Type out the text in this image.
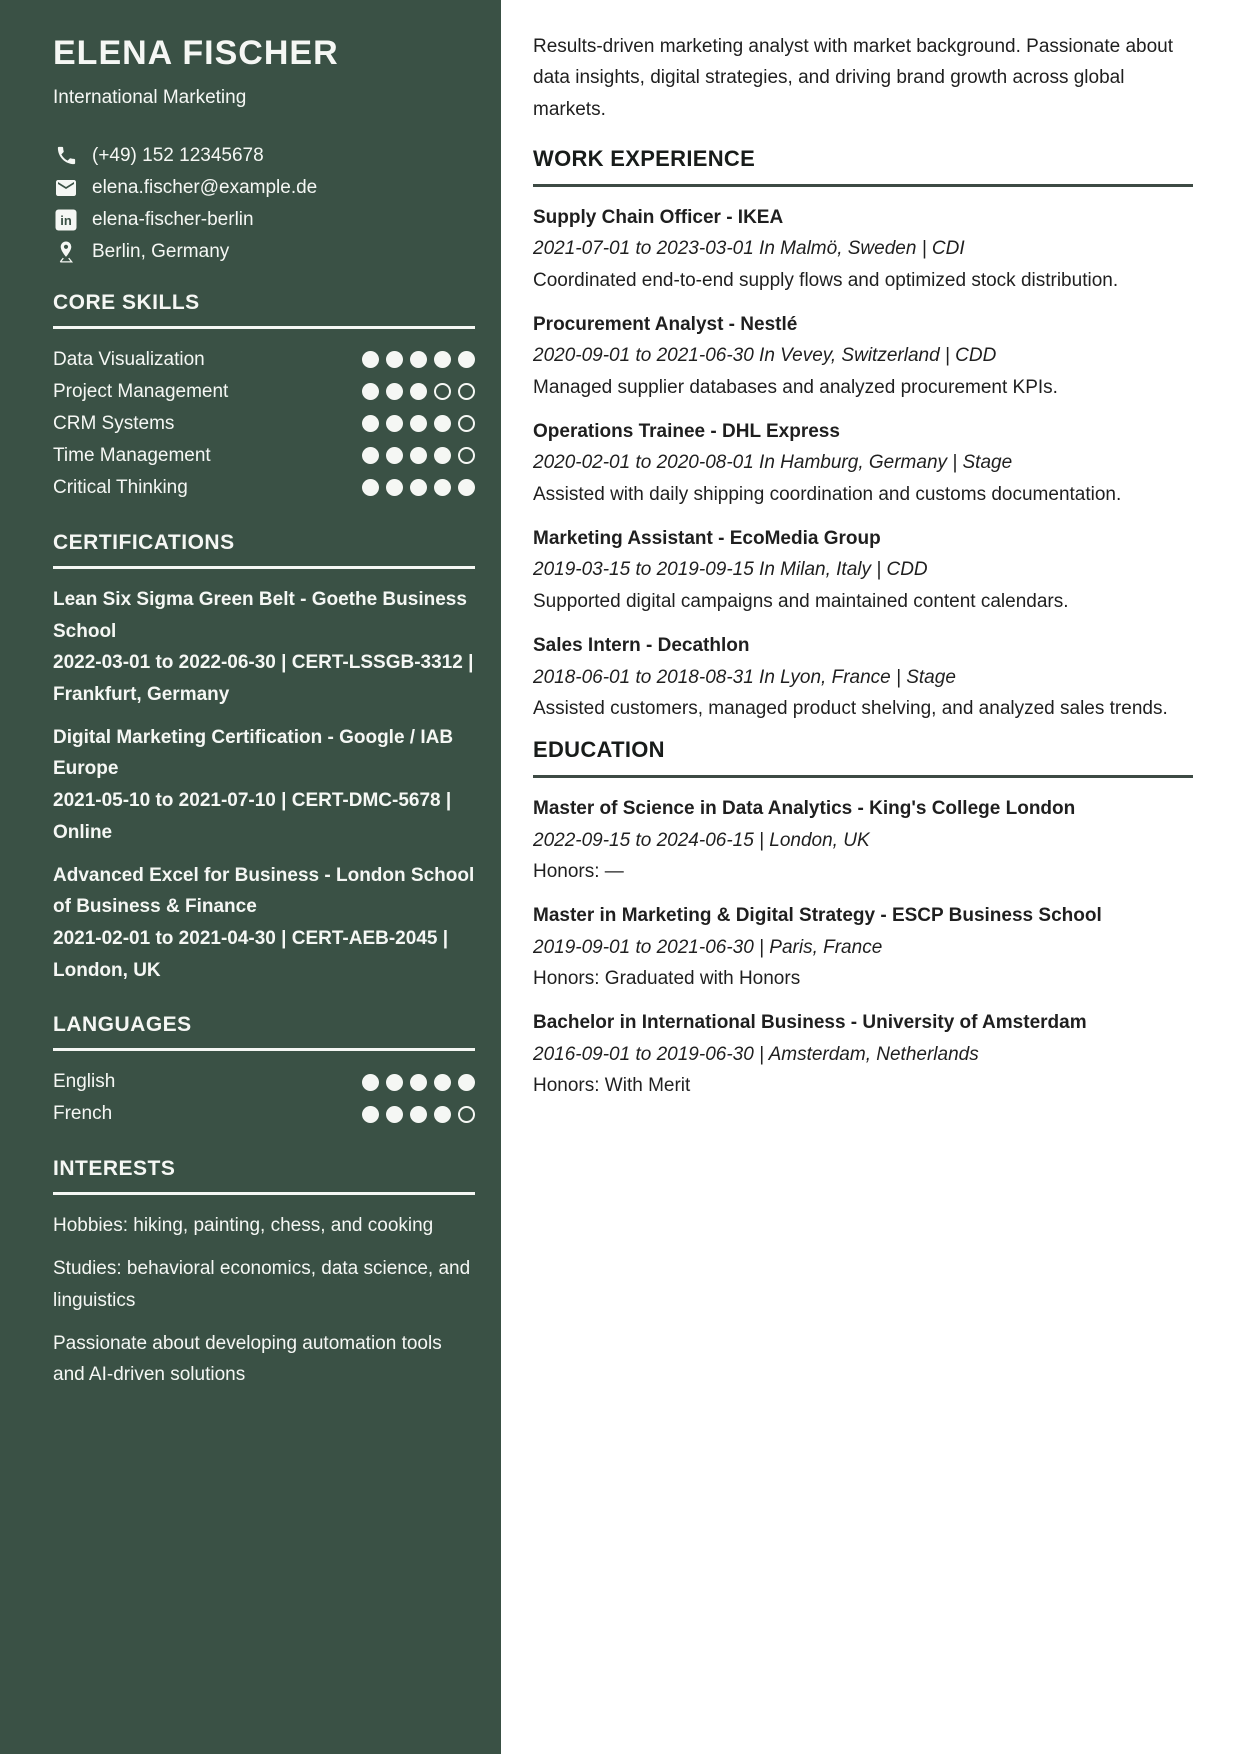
ELENA FISCHER
International Marketing
(+49) 152 12345678
elena.fischer@example.de
in elena-fischer-berlin
Berlin, Germany
CORE SKILLS
Data Visualization
Project Management
CRM Systems
Time Management
Critical Thinking
CERTIFICATIONS
Lean Six Sigma Green Belt - Goethe Business School
2022-03-01 to 2022-06-30 | CERT-LSSGB-3312 | Frankfurt, Germany
Digital Marketing Certification - Google / IAB Europe
2021-05-10 to 2021-07-10 | CERT-DMC-5678 | Online
Advanced Excel for Business - London School of Business & Finance
2021-02-01 to 2021-04-30 | CERT-AEB-2045 | London, UK
LANGUAGES
English
French
INTERESTS
Hobbies: hiking, painting, chess, and cooking
Studies: behavioral economics, data science, and linguistics
Passionate about developing automation tools and AI-driven solutions

Results-driven marketing analyst with market background. Passionate about data insights, digital strategies, and driving brand growth across global markets.

WORK EXPERIENCE
Supply Chain Officer - IKEA
2021-07-01 to 2023-03-01 In Malmö, Sweden | CDI
Coordinated end-to-end supply flows and optimized stock distribution.
Procurement Analyst - Nestlé
2020-09-01 to 2021-06-30 In Vevey, Switzerland | CDD
Managed supplier databases and analyzed procurement KPIs.
Operations Trainee - DHL Express
2020-02-01 to 2020-08-01 In Hamburg, Germany | Stage
Assisted with daily shipping coordination and customs documentation.
Marketing Assistant - EcoMedia Group
2019-03-15 to 2019-09-15 In Milan, Italy | CDD
Supported digital campaigns and maintained content calendars.
Sales Intern - Decathlon
2018-06-01 to 2018-08-31 In Lyon, France | Stage
Assisted customers, managed product shelving, and analyzed sales trends.
EDUCATION
Master of Science in Data Analytics - King's College London
2022-09-15 to 2024-06-15 | London, UK
Honors: —
Master in Marketing & Digital Strategy - ESCP Business School
2019-09-01 to 2021-06-30 | Paris, France
Honors: Graduated with Honors
Bachelor in International Business - University of Amsterdam
2016-09-01 to 2019-06-30 | Amsterdam, Netherlands
Honors: With Merit
